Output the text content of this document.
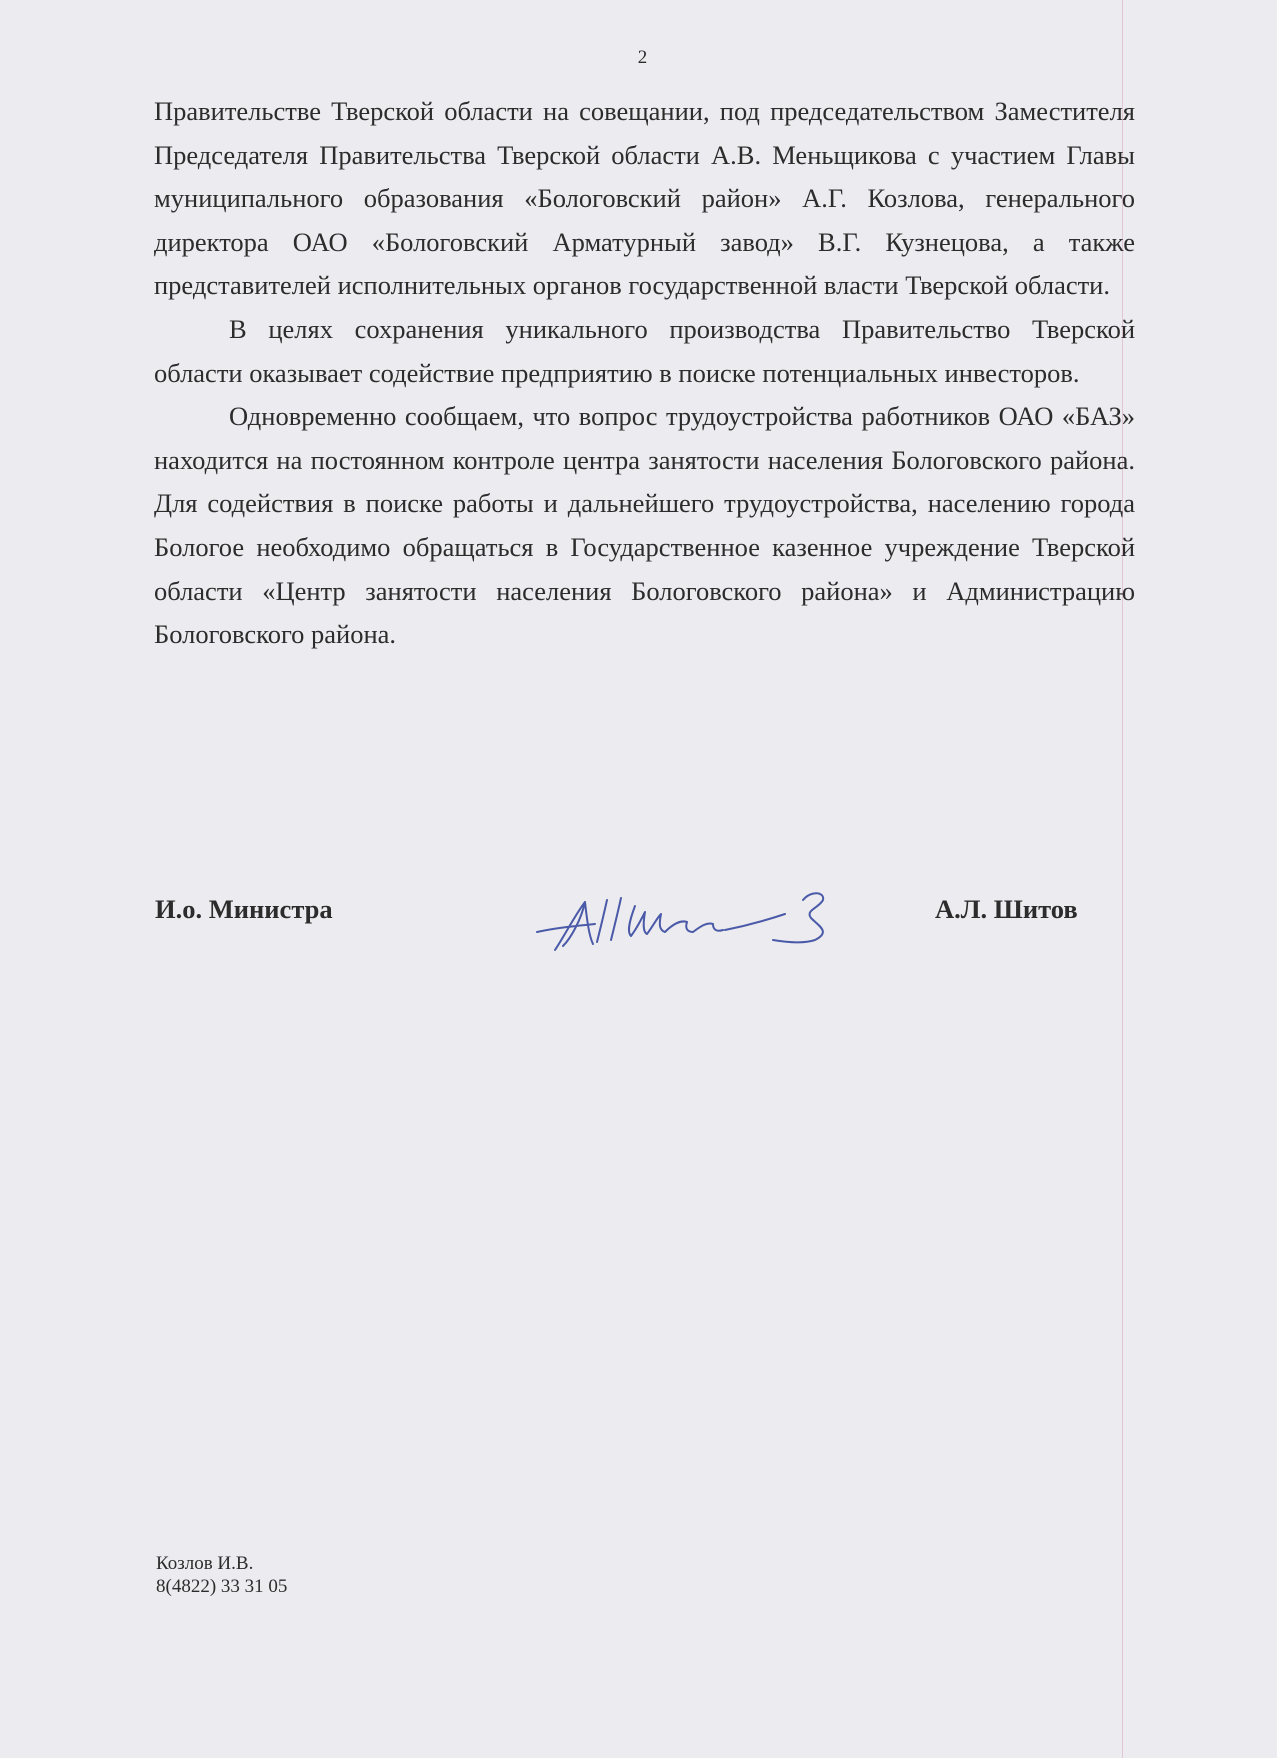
2

Правительстве Тверской области на совещании, под председательством Заместителя Председателя Правительства Тверской области А.В. Меньщикова с участием Главы муниципального образования «Бологовский район» А.Г. Козлова, генерального директора ОАО «Бологовский Арматурный завод» В.Г. Кузнецова, а также представителей исполнительных органов государственной власти Тверской области.

В целях сохранения уникального производства Правительство Тверской области оказывает содействие предприятию в поиске потенциальных инвесторов.

Одновременно сообщаем, что вопрос трудоустройства работников ОАО «БАЗ» находится на постоянном контроле центра занятости населения Бологовского района. Для содействия в поиске работы и дальнейшего трудоустройства, населению города Бологое необходимо обращаться в Государственное казенное учреждение Тверской области «Центр занятости населения Бологовского района» и Администрацию Бологовского района.

И.о. Министра	А.Л. Шитов
Козлов И.В.
8(4822) 33 31 05
